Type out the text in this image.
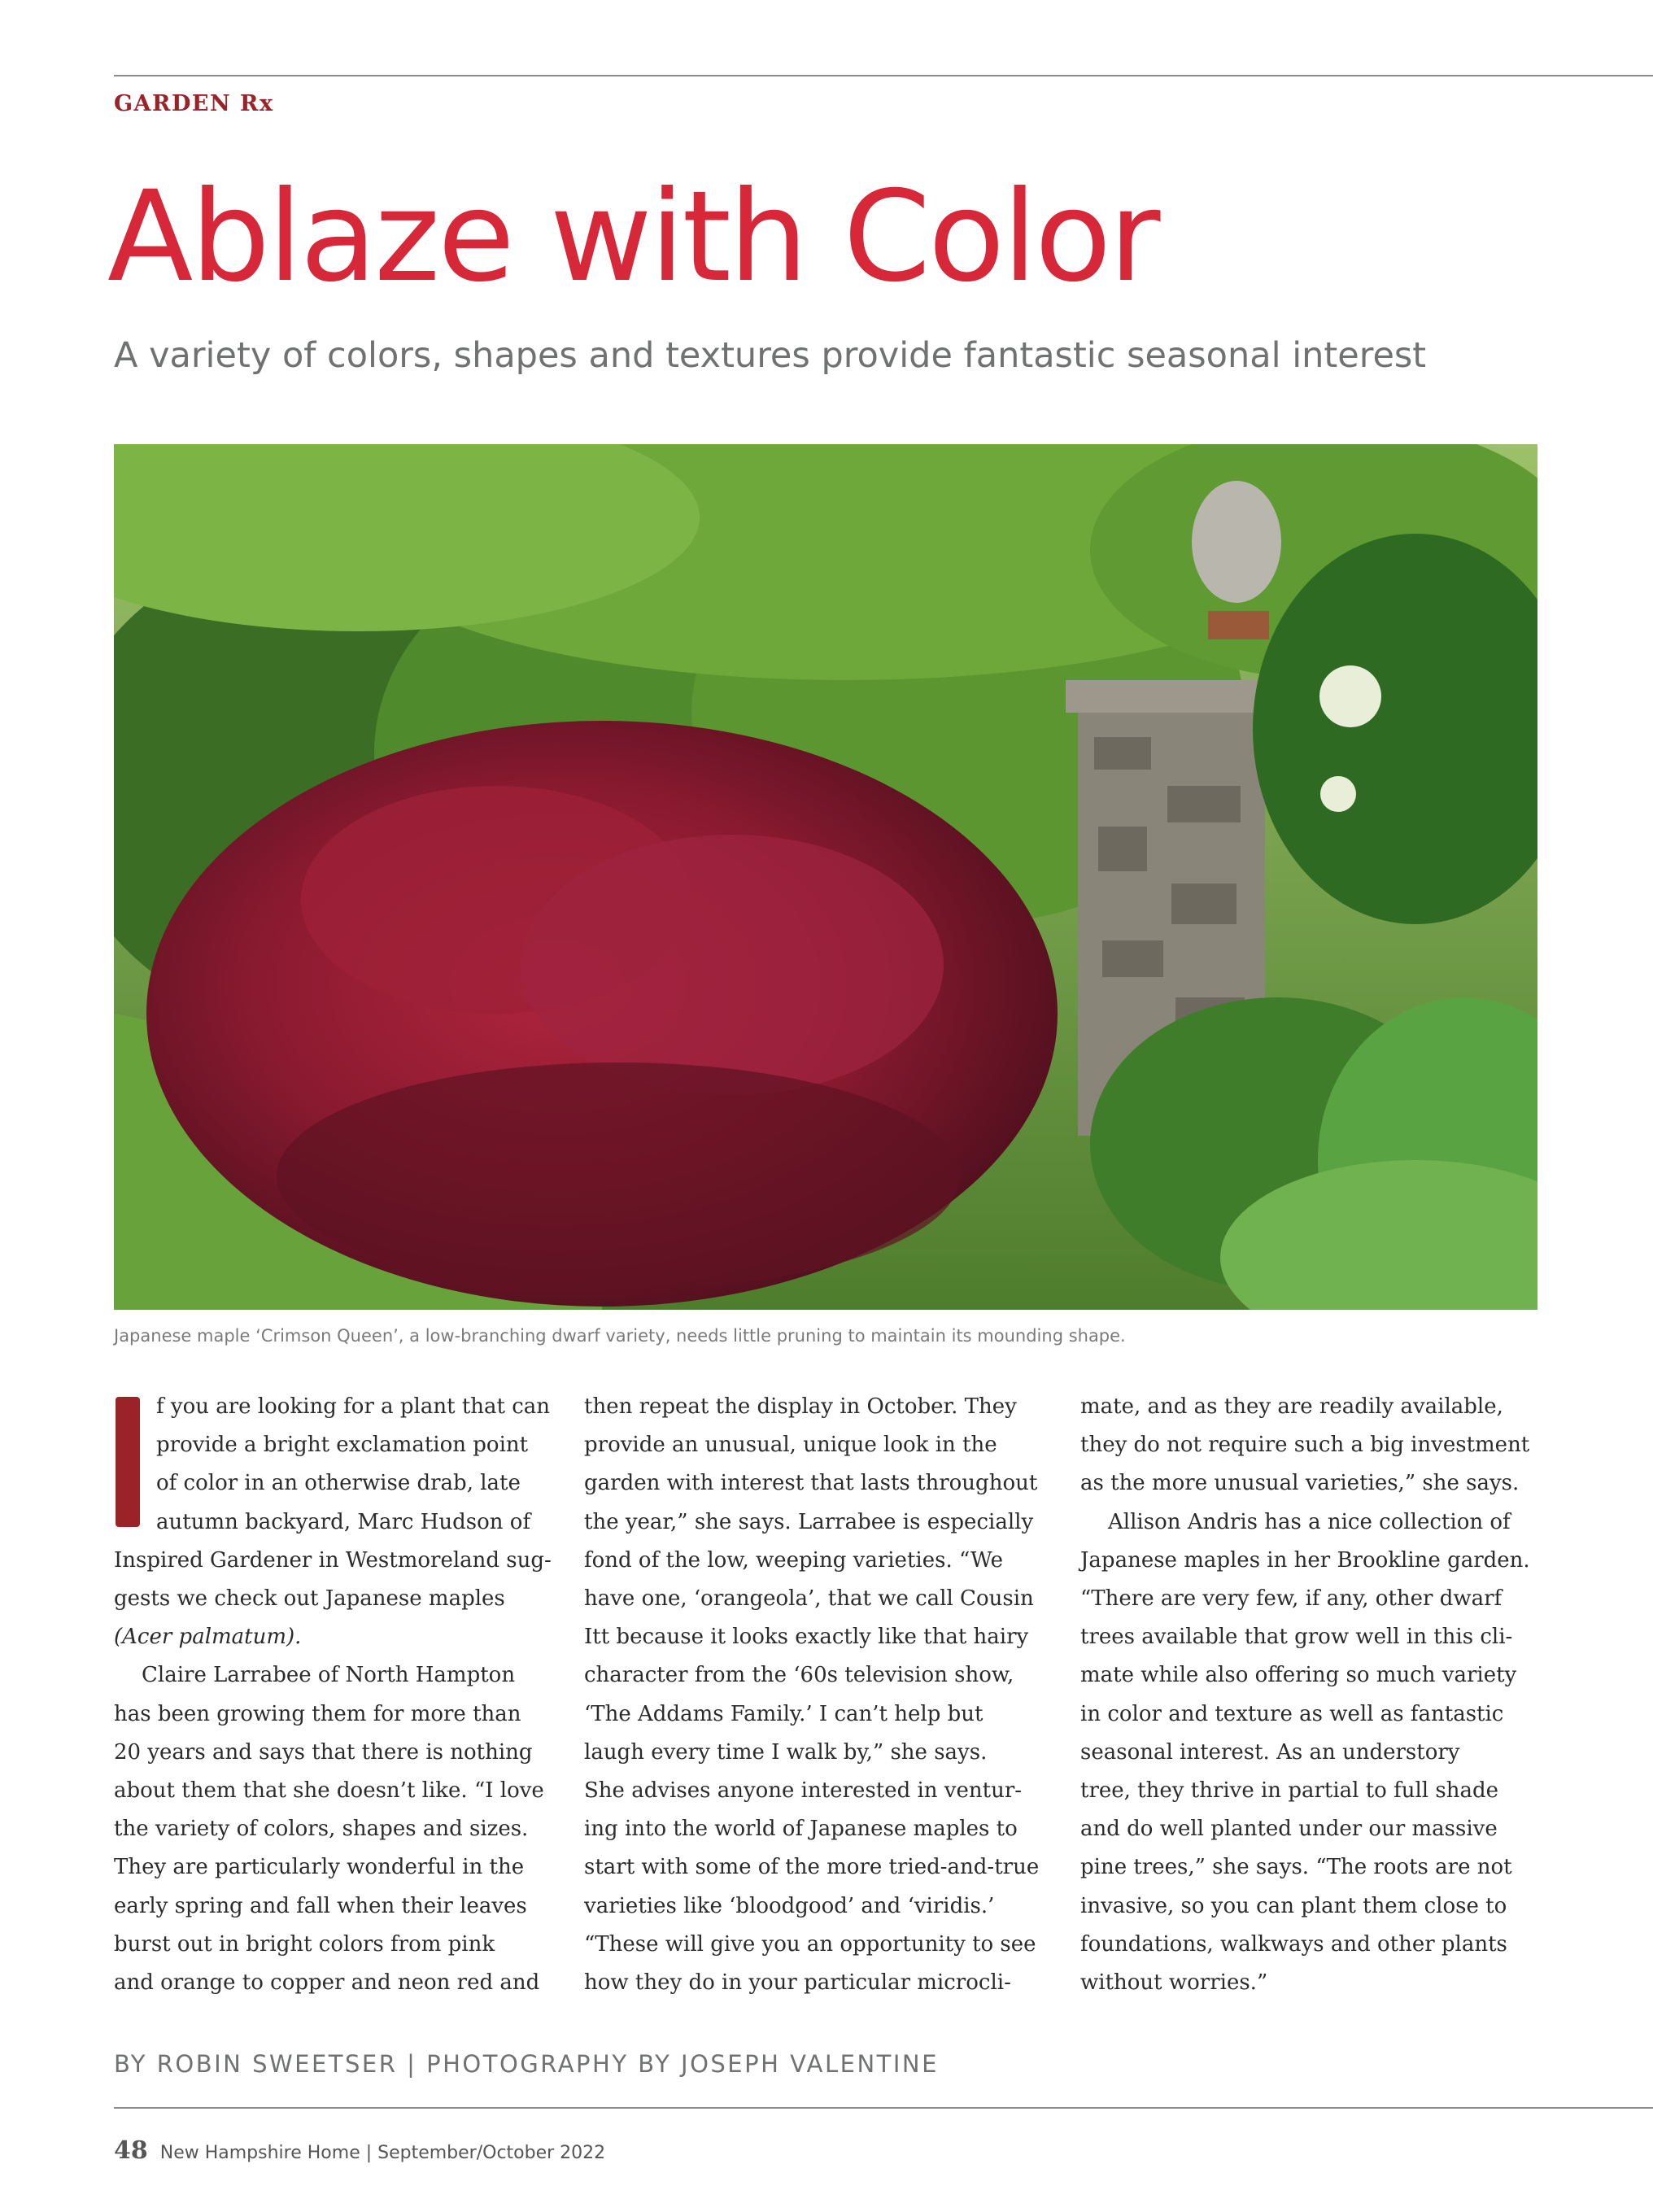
GARDEN Rx
Ablaze with Color
A variety of colors, shapes and textures provide fantastic seasonal interest
Japanese maple ‘Crimson Queen’, a low-branching dwarf variety, needs little pruning to maintain its mounding shape.
f you are looking for a plant that can
provide a bright exclamation point
of color in an otherwise drab, late
autumn backyard, Marc Hudson of
Inspired Gardener in Westmoreland sug-
gests we check out Japanese maples
(Acer palmatum).
Claire Larrabee of North Hampton
has been growing them for more than
20 years and says that there is nothing
about them that she doesn’t like. “I love
the variety of colors, shapes and sizes.
They are particularly wonderful in the
early spring and fall when their leaves
burst out in bright colors from pink
and orange to copper and neon red and
then repeat the display in October. They
provide an unusual, unique look in the
garden with interest that lasts throughout
the year,” she says. Larrabee is especially
fond of the low, weeping varieties. “We
have one, ‘orangeola’, that we call Cousin
Itt because it looks exactly like that hairy
character from the ‘60s television show,
‘The Addams Family.’ I can’t help but
laugh every time I walk by,” she says.
She advises anyone interested in ventur-
ing into the world of Japanese maples to
start with some of the more tried-and-true
varieties like ‘bloodgood’ and ‘viridis.’
“These will give you an opportunity to see
how they do in your particular microcli-
mate, and as they are readily available,
they do not require such a big investment
as the more unusual varieties,” she says.
Allison Andris has a nice collection of
Japanese maples in her Brookline garden.
“There are very few, if any, other dwarf
trees available that grow well in this cli-
mate while also offering so much variety
in color and texture as well as fantastic
seasonal interest. As an understory
tree, they thrive in partial to full shade
and do well planted under our massive
pine trees,” she says. “The roots are not
invasive, so you can plant them close to
foundations, walkways and other plants
without worries.”
BY ROBIN SWEETSER | PHOTOGRAPHY BY JOSEPH VALENTINE
48 New Hampshire Home | September/October 2022
